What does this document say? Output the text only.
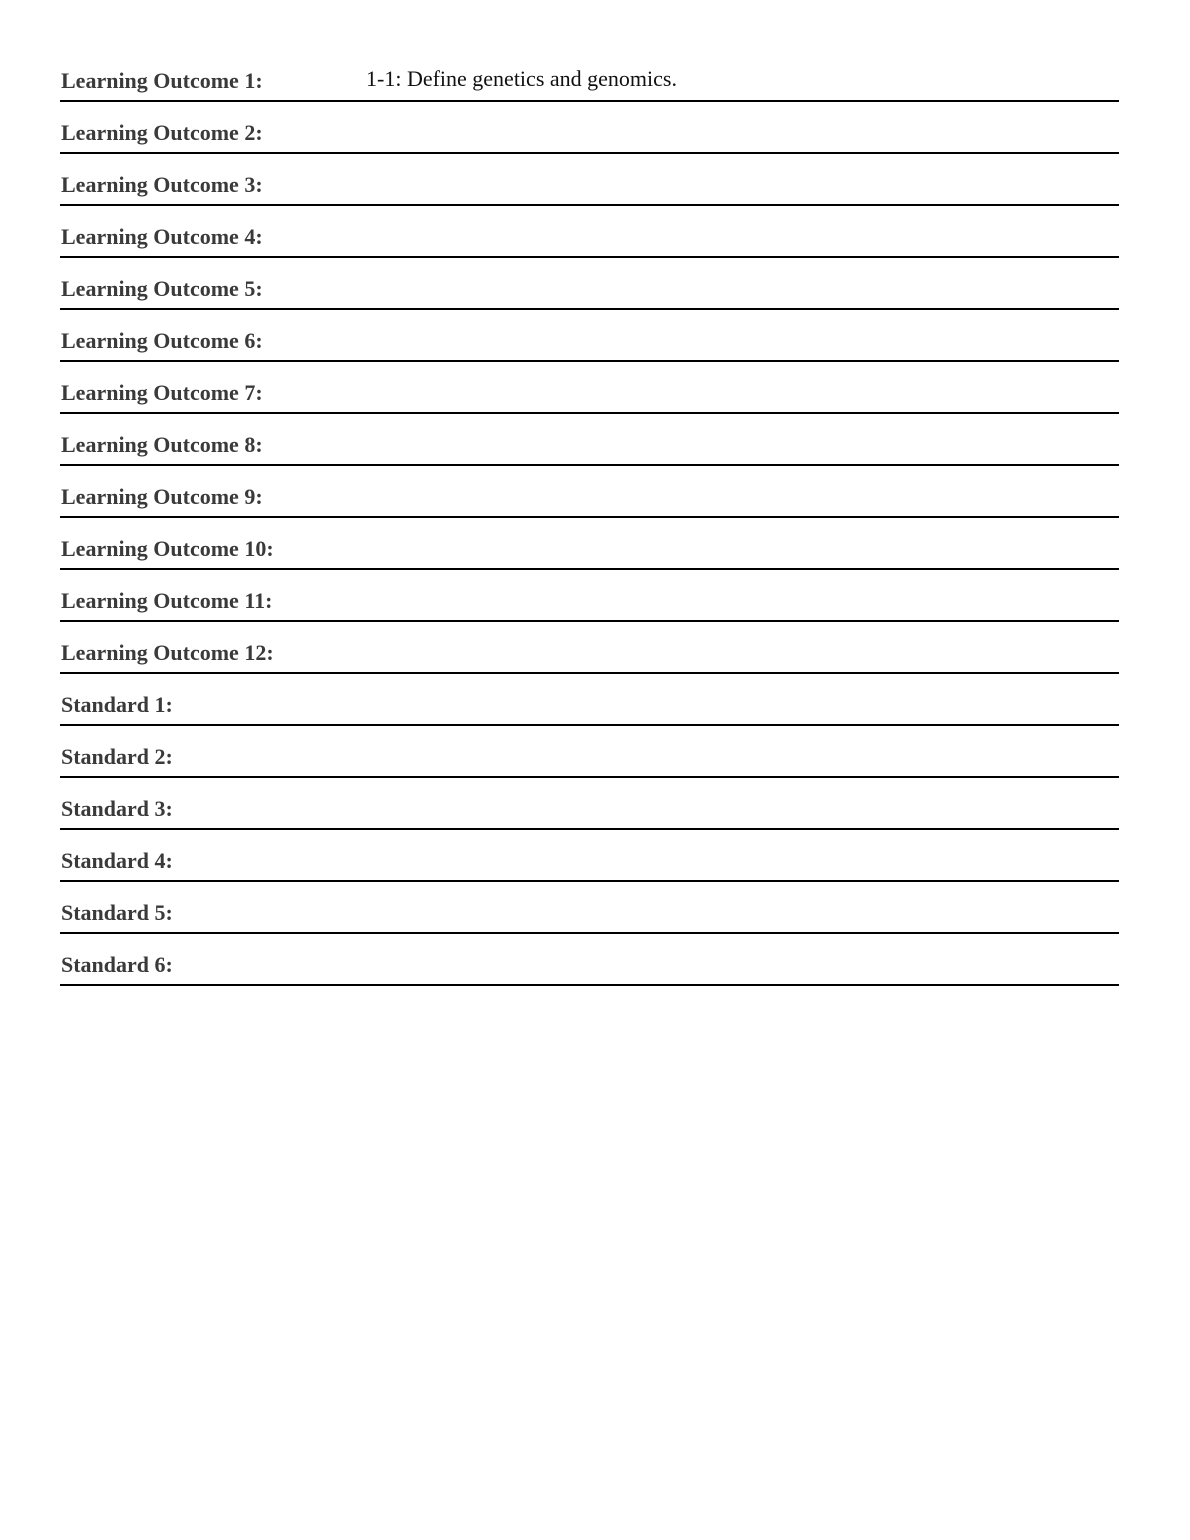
Learning Outcome 1:	1-1: Define genetics and genomics.
Learning Outcome 2:
Learning Outcome 3:
Learning Outcome 4:
Learning Outcome 5:
Learning Outcome 6:
Learning Outcome 7:
Learning Outcome 8:
Learning Outcome 9:
Learning Outcome 10:
Learning Outcome 11:
Learning Outcome 12:
Standard 1:
Standard 2:
Standard 3:
Standard 4:
Standard 5:
Standard 6:
